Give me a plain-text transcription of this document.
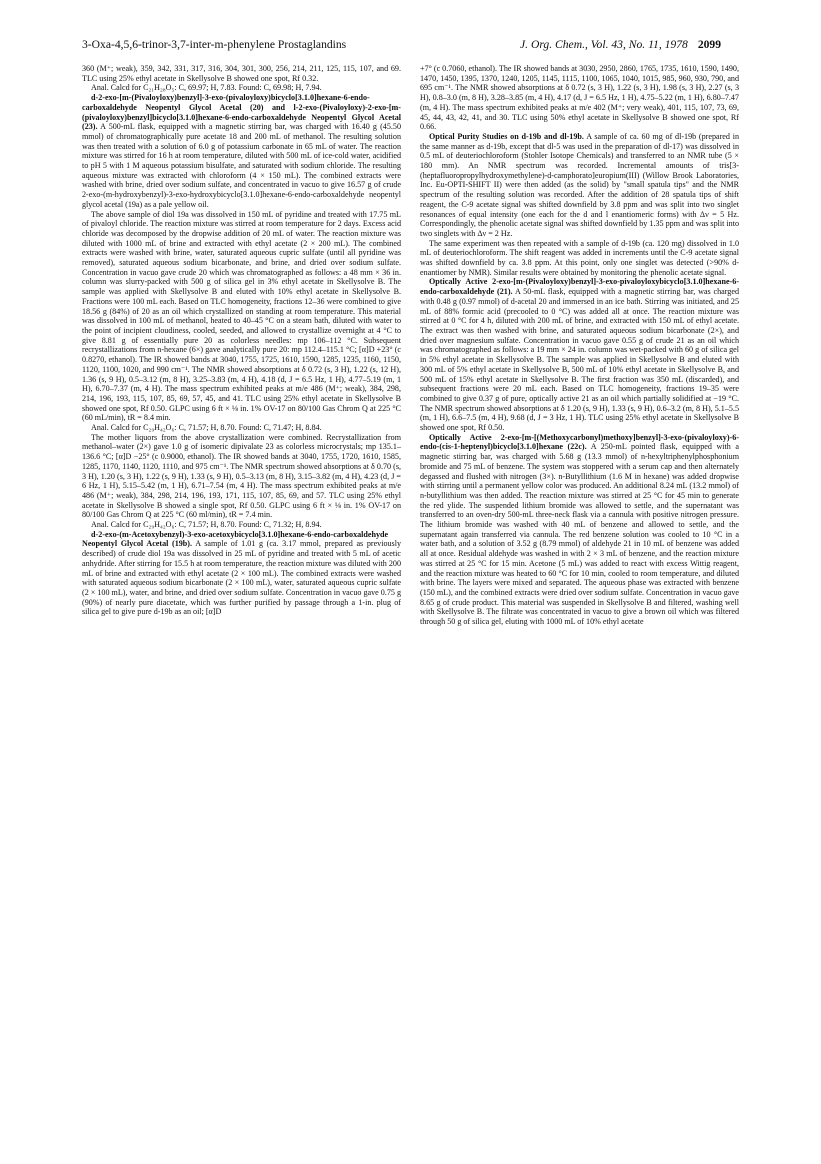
3-Oxa-4,5,6-trinor-3,7-inter-m-phenylene Prostaglandins	J. Org. Chem., Vol. 43, No. 11, 1978 2099

360 (M⁺; weak), 359, 342, 331, 317, 316, 304, 301, 300, 256, 214, 211, 125, 115, 107, and 69. TLC using 25% ethyl acetate in Skellysolve B showed one spot, Rf 0.32.

Anal. Calcd for C₂₁H₂₈O₅: C, 69.97; H, 7.83. Found: C, 69.98; H, 7.94.

d-2-exo-[m-(Pivaloyloxy)benzyl]-3-exo-(pivaloyloxy)bicyclo[3.1.0]hexane-6-endo-carboxaldehyde Neopentyl Glycol Acetal (20) and l-2-exo-(Pivaloyloxy)-2-exo-[m-(pivaloyloxy)benzyl]bicyclo[3.1.0]hexane-6-endo-carboxaldehyde Neopentyl Glycol Acetal (23). A 500-mL flask, equipped with a magnetic stirring bar, was charged with 16.40 g (45.50 mmol) of chromatographically pure acetate 18 and 200 mL of methanol. The resulting solution was then treated with a solution of 6.0 g of potassium carbonate in 65 mL of water. The reaction mixture was stirred for 16 h at room temperature, diluted with 500 mL of ice-cold water, acidified to pH 5 with 1 M aqueous potassium bisulfate, and saturated with sodium chloride. The resulting aqueous mixture was extracted with chloroform (4 × 150 mL). The combined extracts were washed with brine, dried over sodium sulfate, and concentrated in vacuo to give 16.57 g of crude 2-exo-(m-hydroxybenzyl)-3-exo-hydroxybicyclo[3.1.0]hexane-6-endo-carboxaldehyde neopentyl glycol acetal (19a) as a pale yellow oil.

The above sample of diol 19a was dissolved in 150 mL of pyridine and treated with 17.75 mL of pivaloyl chloride. The reaction mixture was stirred at room temperature for 2 days. Excess acid chloride was decomposed by the dropwise addition of 20 mL of water. The reaction mixture was diluted with 1000 mL of brine and extracted with ethyl acetate (2 × 200 mL). The combined extracts were washed with brine, water, saturated aqueous cupric sulfate (until all pyridine was removed), saturated aqueous sodium bicarbonate, and brine, and dried over sodium sulfate. Concentration in vacuo gave crude 20 which was chromatographed as follows: a 48 mm × 36 in. column was slurry-packed with 500 g of silica gel in 3% ethyl acetate in Skellysolve B. The sample was applied with Skellysolve B and eluted with 10% ethyl acetate in Skellysolve B. Fractions were 100 mL each. Based on TLC homogeneity, fractions 12–36 were combined to give 18.56 g (84%) of 20 as an oil which crystallized on standing at room temperature. This material was dissolved in 100 mL of methanol, heated to 40–45 °C on a steam bath, diluted with water to the point of incipient cloudiness, cooled, seeded, and allowed to crystallize overnight at 4 °C to give 8.81 g of essentially pure 20 as colorless needles: mp 106–112 °C. Subsequent recrystallizations from n-hexane (6×) gave analytically pure 20: mp 112.4–115.1 °C; [α]D +23° (c 0.8270, ethanol). The IR showed bands at 3040, 1755, 1725, 1610, 1590, 1285, 1235, 1160, 1150, 1120, 1100, 1020, and 990 cm⁻¹. The NMR showed absorptions at δ 0.72 (s, 3 H), 1.22 (s, 12 H), 1.36 (s, 9 H), 0.5–3.12 (m, 8 H), 3.25–3.83 (m, 4 H), 4.18 (d, J = 6.5 Hz, 1 H), 4.77–5.19 (m, 1 H), 6.70–7.37 (m, 4 H). The mass spectrum exhibited peaks at m/e 486 (M⁺; weak), 384, 298, 214, 196, 193, 115, 107, 85, 69, 57, 45, and 41. TLC using 25% ethyl acetate in Skellysolve B showed one spot, Rf 0.50. GLPC using 6 ft × ⅛ in. 1% OV-17 on 80/100 Gas Chrom Q at 225 °C (60 mL/min), tR = 8.4 min.

Anal. Calcd for C₂₉H₄₂O₆: C, 71.57; H, 8.70. Found: C, 71.47; H, 8.84.

The mother liquors from the above crystallization were combined. Recrystallization from methanol–water (2×) gave 1.0 g of isomeric dipivalate 23 as colorless microcrystals; mp 135.1–136.6 °C; [α]D −25° (c 0.9000, ethanol). The IR showed bands at 3040, 1755, 1720, 1610, 1585, 1285, 1170, 1140, 1120, 1110, and 975 cm⁻¹. The NMR spectrum showed absorptions at δ 0.70 (s, 3 H), 1.20 (s, 3 H), 1.22 (s, 9 H), 1.33 (s, 9 H), 0.5–3.13 (m, 8 H), 3.15–3.82 (m, 4 H), 4.23 (d, J = 6 Hz, 1 H), 5.15–5.42 (m, 1 H), 6.71–7.54 (m, 4 H). The mass spectrum exhibited peaks at m/e 486 (M⁺; weak), 384, 298, 214, 196, 193, 171, 115, 107, 85, 69, and 57. TLC using 25% ethyl acetate in Skellysolve B showed a single spot, Rf 0.50. GLPC using 6 ft × ⅛ in. 1% OV-17 on 80/100 Gas Chrom Q at 225 °C (60 ml/min), tR = 7.4 min.

Anal. Calcd for C₂₉H₄₂O₆: C, 71.57; H, 8.70. Found: C, 71.32; H, 8.94.

d-2-exo-(m-Acetoxybenzyl)-3-exo-acetoxybicyclo[3.1.0]hexane-6-endo-carboxaldehyde Neopentyl Glycol Acetal (19b). A sample of 1.01 g (ca. 3.17 mmol, prepared as previously described) of crude diol 19a was dissolved in 25 mL of pyridine and treated with 5 mL of acetic anhydride. After stirring for 15.5 h at room temperature, the reaction mixture was diluted with 200 mL of brine and extracted with ethyl acetate (2 × 100 mL). The combined extracts were washed with saturated aqueous sodium bicarbonate (2 × 100 mL), water, saturated aqueous cupric sulfate (2 × 100 mL), water, and brine, and dried over sodium sulfate. Concentration in vacuo gave 0.75 g (90%) of nearly pure diacetate, which was further purified by passage through a 1-in. plug of silica gel to give pure d-19b as an oil; [α]D

+7° (c 0.7060, ethanol). The IR showed bands at 3030, 2950, 2860, 1765, 1735, 1610, 1590, 1490, 1470, 1450, 1395, 1370, 1240, 1205, 1145, 1115, 1100, 1065, 1040, 1015, 985, 960, 930, 790, and 695 cm⁻¹. The NMR showed absorptions at δ 0.72 (s, 3 H), 1.22 (s, 3 H), 1.98 (s, 3 H), 2.27 (s, 3 H), 0.8–3.0 (m, 8 H), 3.28–3.85 (m, 4 H), 4.17 (d, J = 6.5 Hz, 1 H), 4.75–5.22 (m, 1 H), 6.80–7.47 (m, 4 H). The mass spectrum exhibited peaks at m/e 402 (M⁺; very weak), 401, 115, 107, 73, 69, 45, 44, 43, 42, 41, and 30. TLC using 50% ethyl acetate in Skellysolve B showed one spot, Rf 0.66.

Optical Purity Studies on d-19b and dl-19b. A sample of ca. 60 mg of dl-19b (prepared in the same manner as d-19b, except that dl-5 was used in the preparation of dl-17) was dissolved in 0.5 mL of deuteriochloroform (Stohler Isotope Chemicals) and transferred to an NMR tube (5 × 180 mm). An NMR spectrum was recorded. Incremental amounts of tris[3-(heptafluoropropylhydroxymethylene)-d-camphorato]europium(III) (Willow Brook Laboratories, Inc. Eu-OPTI-SHIFT II) were then added (as the solid) by "small spatula tips" and the NMR spectrum of the resulting solution was recorded. After the addition of 28 spatula tips of shift reagent, the C-9 acetate signal was shifted downfield by 3.8 ppm and was split into two singlet resonances of equal intensity (one each for the d and l enantiomeric forms) with Δν = 5 Hz. Correspondingly, the phenolic acetate signal was shifted downfield by 1.35 ppm and was split into two singlets with Δν = 2 Hz.

The same experiment was then repeated with a sample of d-19b (ca. 120 mg) dissolved in 1.0 mL of deuteriochloroform. The shift reagent was added in increments until the C-9 acetate signal was shifted downfield by ca. 3.8 ppm. At this point, only one singlet was detected (>90% d-enantiomer by NMR). Similar results were obtained by monitoring the phenolic acetate signal.

Optically Active 2-exo-[m-(Pivaloyloxy)benzyl]-3-exo-pivaloyloxybicyclo[3.1.0]hexane-6-endo-carboxaldehyde (21). A 50-mL flask, equipped with a magnetic stirring bar, was charged with 0.48 g (0.97 mmol) of d-acetal 20 and immersed in an ice bath. Stirring was initiated, and 25 mL of 88% formic acid (precooled to 0 °C) was added all at once. The reaction mixture was stirred at 0 °C for 4 h, diluted with 200 mL of brine, and extracted with 150 mL of ethyl acetate. The extract was then washed with brine, and saturated aqueous sodium bicarbonate (2×), and dried over magnesium sulfate. Concentration in vacuo gave 0.55 g of crude 21 as an oil which was chromatographed as follows: a 19 mm × 24 in. column was wet-packed with 60 g of silica gel in 5% ethyl acetate in Skellysolve B. The sample was applied in Skellysolve B and eluted with 300 mL of 5% ethyl acetate in Skellysolve B, 500 mL of 10% ethyl acetate in Skellysolve B, and 500 mL of 15% ethyl acetate in Skellysolve B. The first fraction was 350 mL (discarded), and subsequent fractions were 20 mL each. Based on TLC homogeneity, fractions 19–35 were combined to give 0.37 g of pure, optically active 21 as an oil which partially solidified at −19 °C. The NMR spectrum showed absorptions at δ 1.20 (s, 9 H), 1.33 (s, 9 H), 0.6–3.2 (m, 8 H), 5.1–5.5 (m, 1 H), 6.6–7.5 (m, 4 H), 9.68 (d, J = 3 Hz, 1 H). TLC using 25% ethyl acetate in Skellysolve B showed one spot, Rf 0.50.

Optically Active 2-exo-[m-[(Methoxycarbonyl)methoxy]benzyl]-3-exo-(pivaloyloxy)-6-endo-(cis-1-heptenyl)bicyclo[3.1.0]hexane (22c). A 250-mL pointed flask, equipped with a magnetic stirring bar, was charged with 5.68 g (13.3 mmol) of n-hexyltriphenylphosphonium bromide and 75 mL of benzene. The system was stoppered with a serum cap and then alternately degassed and flushed with nitrogen (3×). n-Butyllithium (1.6 M in hexane) was added dropwise with stirring until a permanent yellow color was produced. An additional 8.24 mL (13.2 mmol) of n-butyllithium was then added. The reaction mixture was stirred at 25 °C for 45 min to generate the red ylide. The suspended lithium bromide was allowed to settle, and the supernatant was transferred to an oven-dry 500-mL three-neck flask via a cannula with positive nitrogen pressure. The lithium bromide was washed with 40 mL of benzene and allowed to settle, and the supernatant again transferred via cannula. The red benzene solution was cooled to 10 °C in a water bath, and a solution of 3.52 g (8.79 mmol) of aldehyde 21 in 10 mL of benzene was added all at once. Residual aldehyde was washed in with 2 × 3 mL of benzene, and the reaction mixture was stirred at 25 °C for 15 min. Acetone (5 mL) was added to react with excess Wittig reagent, and the reaction mixture was heated to 60 °C for 10 min, cooled to room temperature, and diluted with brine. The layers were mixed and separated. The aqueous phase was extracted with benzene (150 mL), and the combined extracts were dried over sodium sulfate. Concentration in vacuo gave 8.65 g of crude product. This material was suspended in Skellysolve B and filtered, washing well with Skellysolve B. The filtrate was concentrated in vacuo to give a brown oil which was filtered through 50 g of silica gel, eluting with 1000 mL of 10% ethyl acetate
